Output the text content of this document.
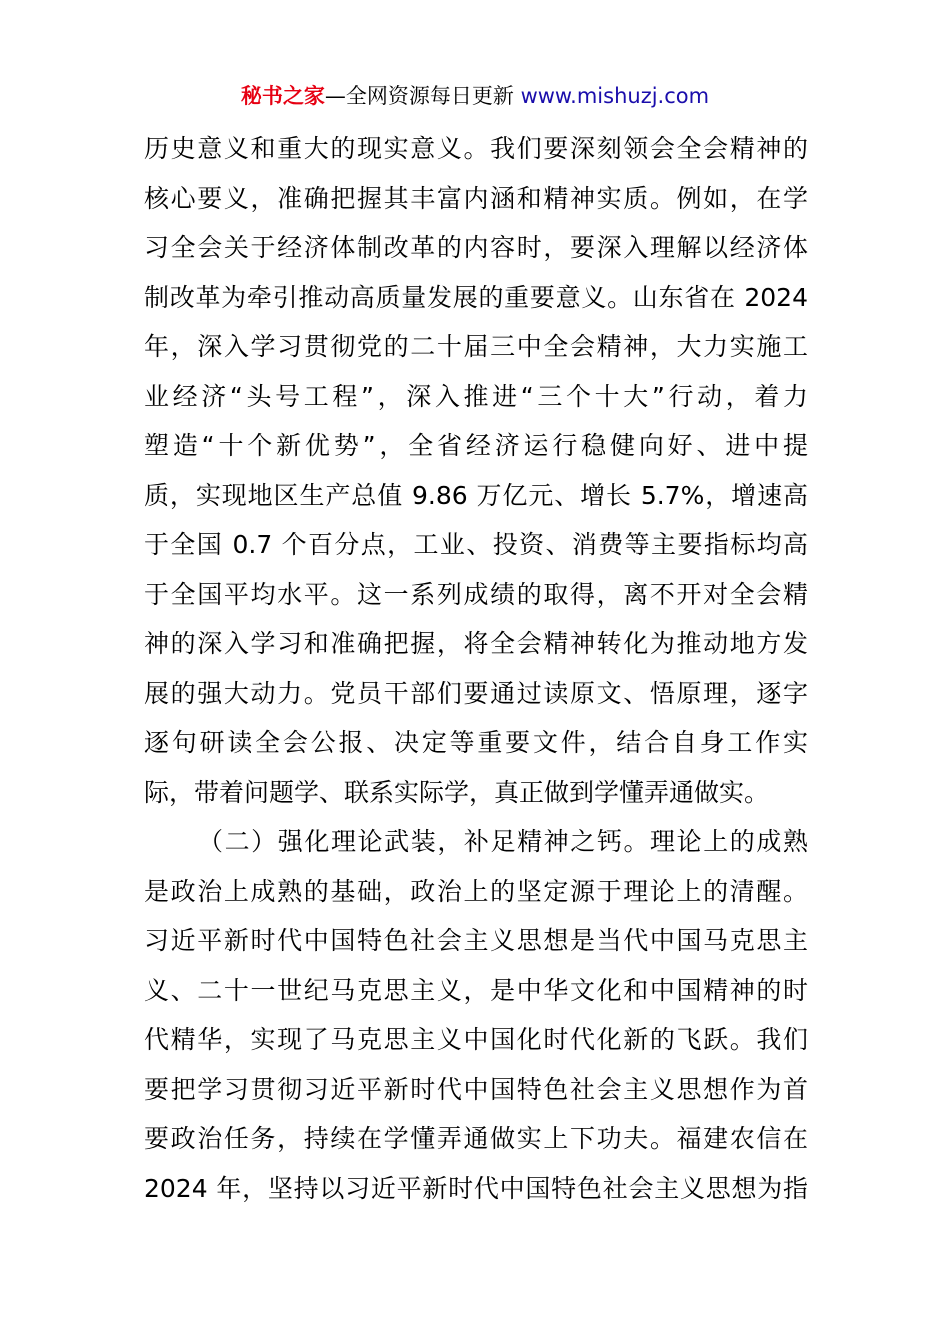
秘书之家—全网资源每日更新 www.mishuzj.com
历史意义和重大的现实意义。我们要深刻领会全会精神的
核心要义，准确把握其丰富内涵和精神实质。例如，在学
习全会关于经济体制改革的内容时，要深入理解以经济体
制改革为牵引推动高质量发展的重要意义。山东省在 2024
年，深入学习贯彻党的二十届三中全会精神，大力实施工
业经济“头号工程”，深入推进“三个十大”行动，着力
塑造“十个新优势”，全省经济运行稳健向好、进中提
质，实现地区生产总值 9.86 万亿元、增长 5.7%，增速高
于全国 0.7 个百分点，工业、投资、消费等主要指标均高
于全国平均水平。这一系列成绩的取得，离不开对全会精
神的深入学习和准确把握，将全会精神转化为推动地方发
展的强大动力。党员干部们要通过读原文、悟原理，逐字
逐句研读全会公报、决定等重要文件，结合自身工作实
际，带着问题学、联系实际学，真正做到学懂弄通做实。
（二）强化理论武装，补足精神之钙。理论上的成熟
是政治上成熟的基础，政治上的坚定源于理论上的清醒。
习近平新时代中国特色社会主义思想是当代中国马克思主
义、二十一世纪马克思主义，是中华文化和中国精神的时
代精华，实现了马克思主义中国化时代化新的飞跃。我们
要把学习贯彻习近平新时代中国特色社会主义思想作为首
要政治任务，持续在学懂弄通做实上下功夫。福建农信在
2024 年，坚持以习近平新时代中国特色社会主义思想为指
